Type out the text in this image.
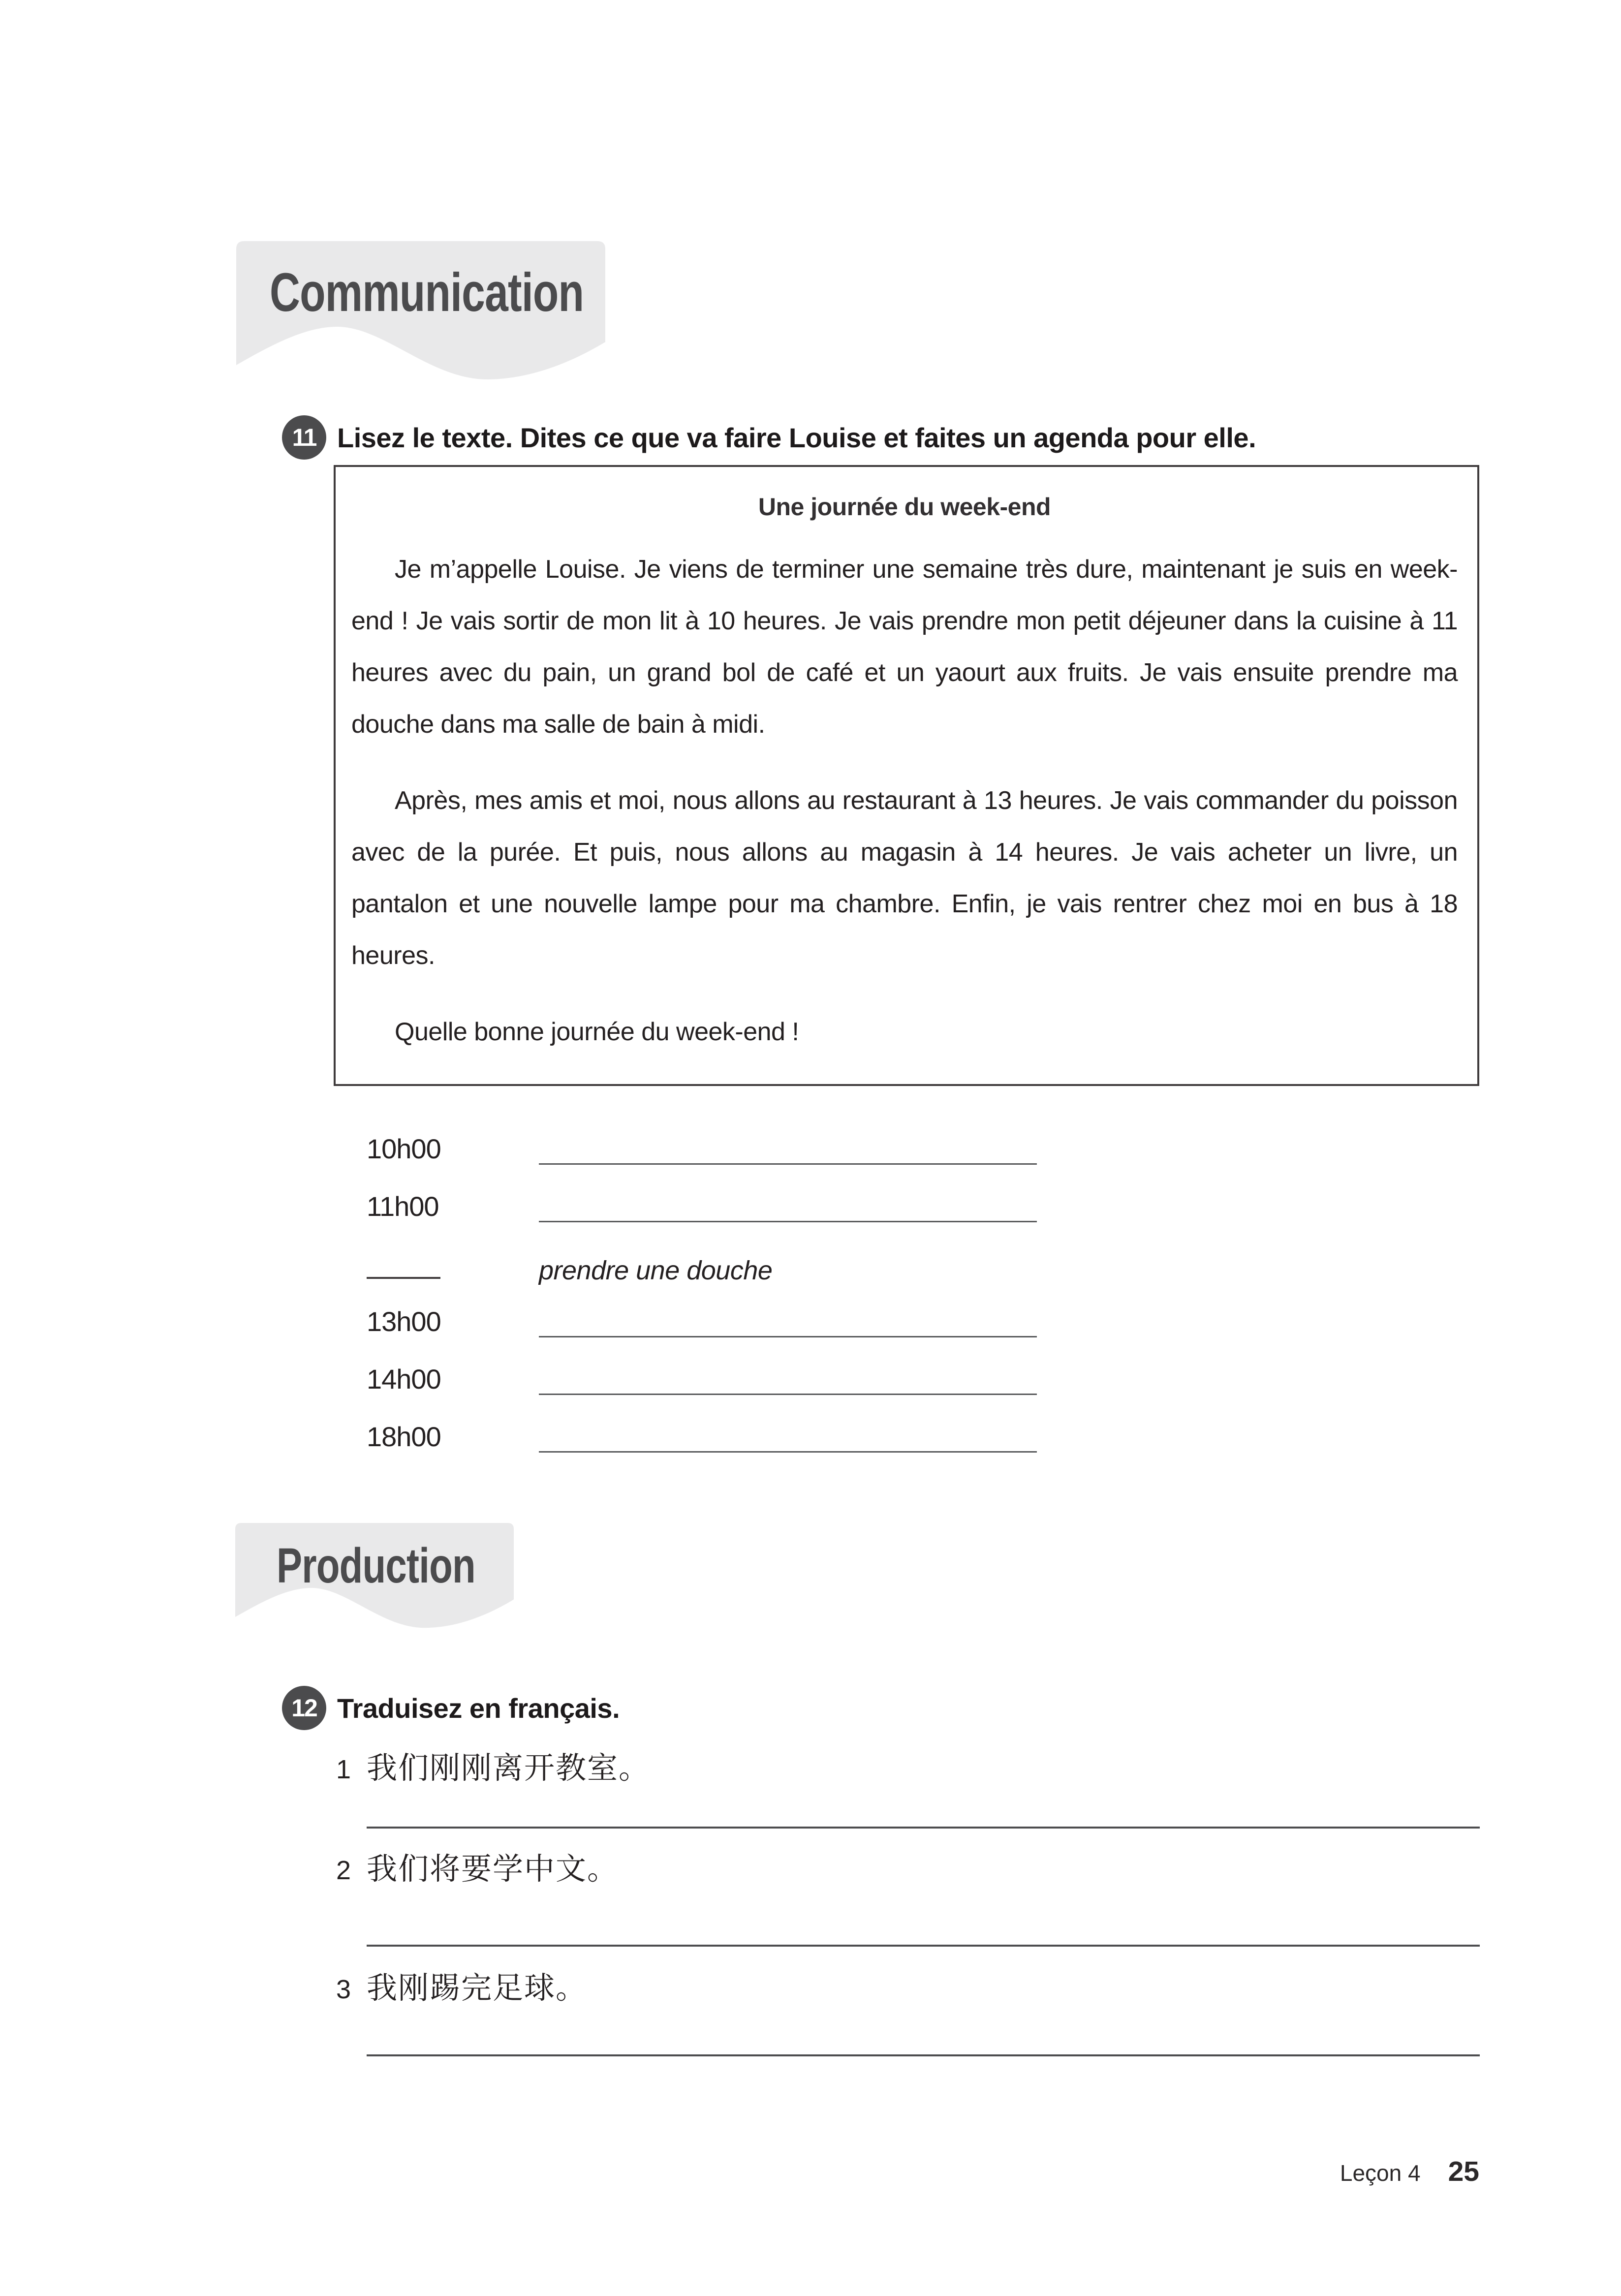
Communication
11 Lisez le texte. Dites ce que va faire Louise et faites un agenda pour elle.
Une journée du week-end

Je m’appelle Louise. Je viens de terminer une semaine très dure, maintenant je suis en week-end ! Je vais sortir de mon lit à 10 heures. Je vais prendre mon petit déjeuner dans la cuisine à 11 heures avec du pain, un grand bol de café et un yaourt aux fruits. Je vais ensuite prendre ma douche dans ma salle de bain à midi.

Après, mes amis et moi, nous allons au restaurant à 13 heures. Je vais commander du poisson avec de la purée. Et puis, nous allons au magasin à 14 heures. Je vais acheter un livre, un pantalon et une nouvelle lampe pour ma chambre. Enfin, je vais rentrer chez moi en bus à 18 heures.

Quelle bonne journée du week-end !

10h00
11h00
prendre une douche
13h00
14h00
18h00
Production
12 Traduisez en français.
1 我们刚刚离开教室。
2 我们将要学中文。
3 我刚踢完足球。
Leçon 4 25
